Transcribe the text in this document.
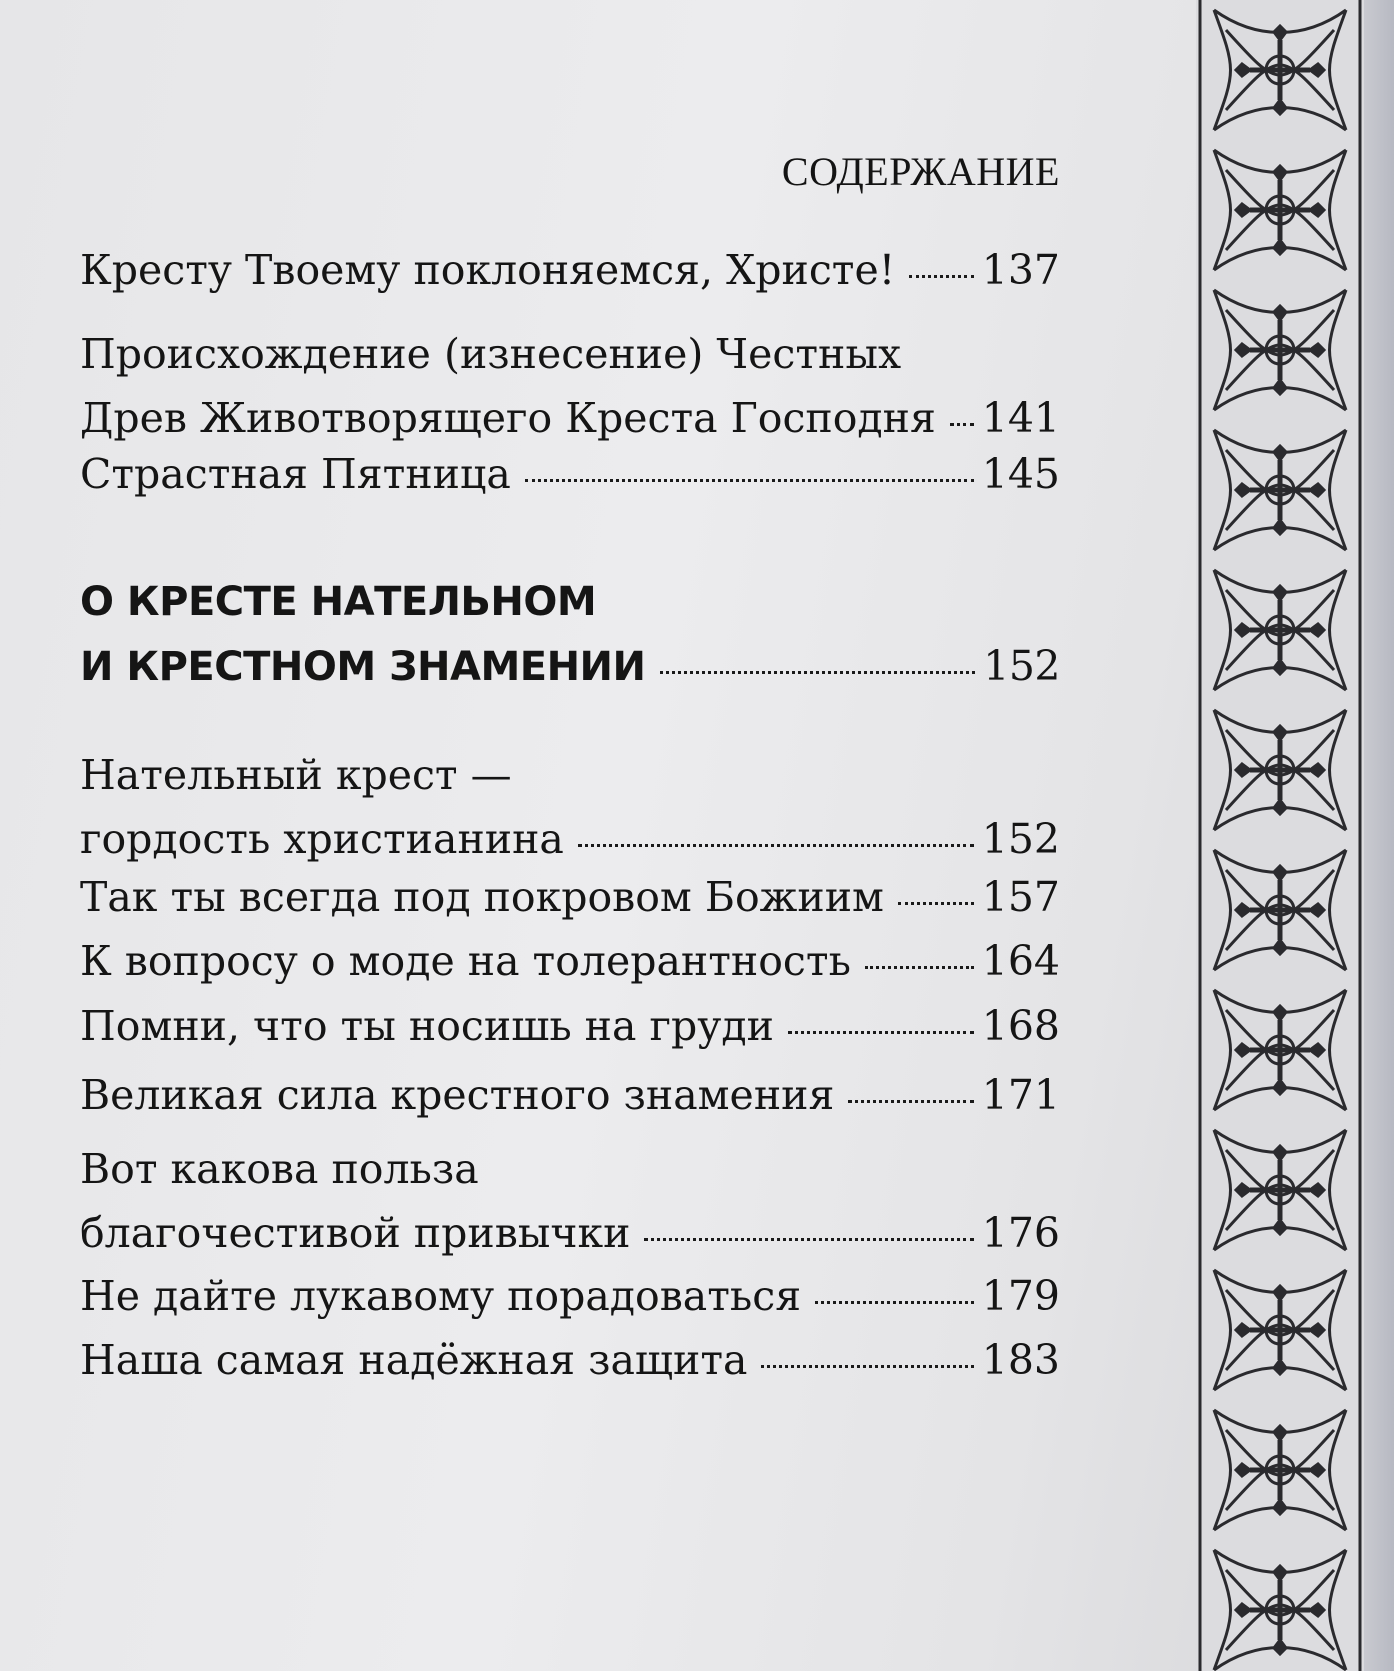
СОДЕРЖАНИЕ
Кресту Твоему поклоняемся, Христе! 137
Происхождение (изнесение) Честных
Древ Животворящего Креста Господня 141
Страстная Пятница	145
О КРЕСТЕ НАТЕЛЬНОМ
И КРЕСТНОМ ЗНАМЕНИИ	152
Нательный крест —
гордость христианина	152
Так ты всегда под покровом Божиим 157
К вопросу о моде на толерантность	164
Помни, что ты носишь на груди	168
Великая сила крестного знамения	171
Вот какова польза
благочестивой привычки	176
Не дайте лукавому порадоваться	179
Наша самая надёжная защита	183
